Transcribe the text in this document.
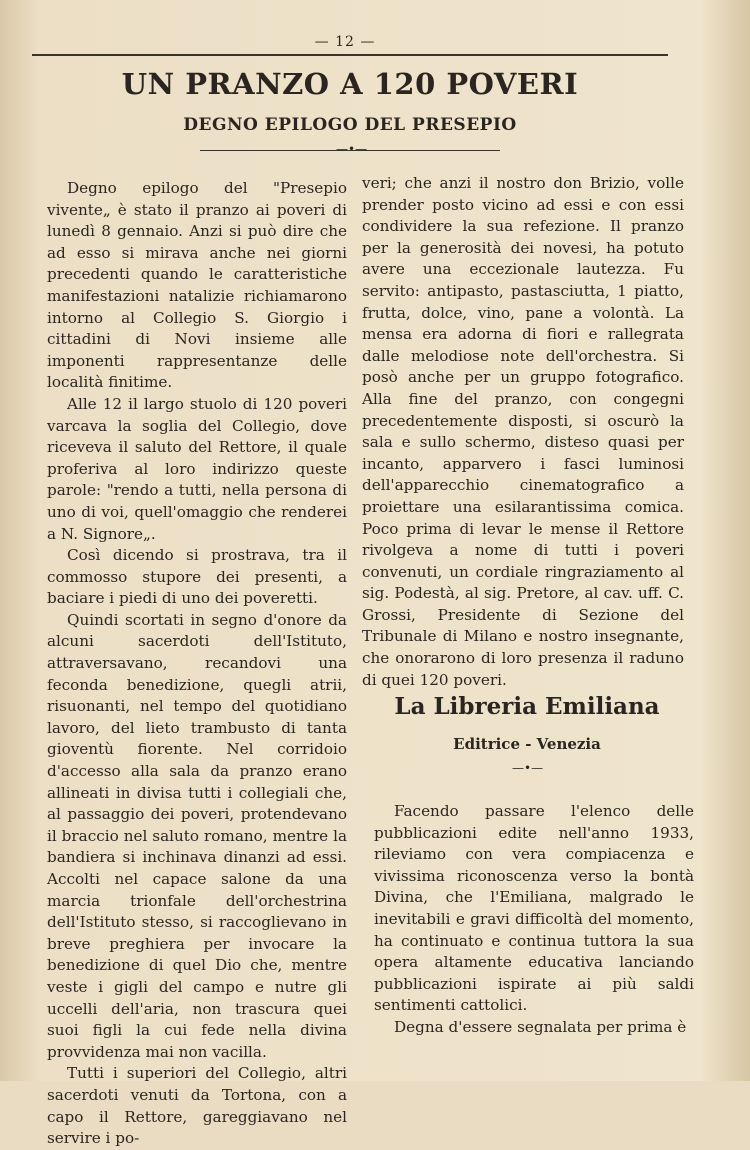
— 12 —
UN PRANZO A 120 POVERI
DEGNO EPILOGO DEL PRESEPIO
—•—

Degno epilogo del "Presepio vivente„ è stato il pranzo ai poveri di lunedì 8 gennaio. Anzi si può dire che ad esso si mirava anche nei giorni precedenti quando le caratteristiche manifestazioni natalizie richiamarono intorno al Collegio S. Giorgio i cittadini di Novi insieme alle imponenti rappresentanze delle località finitime.

Alle 12 il largo stuolo di 120 poveri varcava la soglia del Collegio, dove riceveva il saluto del Rettore, il quale proferiva al loro indirizzo queste parole: "rendo a tutti, nella persona di uno di voi, quell'omaggio che renderei a N. Signore„.

Così dicendo si prostrava, tra il commosso stupore dei presenti, a baciare i piedi di uno dei poveretti.

Quindi scortati in segno d'onore da alcuni sacerdoti dell'Istituto, attraversavano, recandovi una feconda benedizione, quegli atrii, risuonanti, nel tempo del quotidiano lavoro, del lieto trambusto di tanta gioventù fiorente. Nel corridoio d'accesso alla sala da pranzo erano allineati in divisa tutti i collegiali che, al passaggio dei poveri, protendevano il braccio nel saluto romano, mentre la bandiera si inchinava dinanzi ad essi. Accolti nel capace salone da una marcia trionfale dell'orchestrina dell'Istituto stesso, si raccoglievano in breve preghiera per invocare la benedizione di quel Dio che, mentre veste i gigli del campo e nutre gli uccelli dell'aria, non trascura quei suoi figli la cui fede nella divina provvidenza mai non vacilla.

Tutti i superiori del Collegio, altri sacerdoti venuti da Tortona, con a capo il Rettore, gareggiavano nel servire i po-

veri; che anzi il nostro don Brizio, volle prender posto vicino ad essi e con essi condividere la sua refezione. Il pranzo per la generosità dei novesi, ha potuto avere una eccezionale lautezza. Fu servito: antipasto, pastasciutta, 1 piatto, frutta, dolce, vino, pane a volontà. La mensa era adorna di fiori e rallegrata dalle melodiose note dell'orchestra. Si posò anche per un gruppo fotografico. Alla fine del pranzo, con congegni precedentemente disposti, si oscurò la sala e sullo schermo, disteso quasi per incanto, apparvero i fasci luminosi dell'apparecchio cinematografico a proiettare una esilarantissima comica. Poco prima di levar le mense il Rettore rivolgeva a nome di tutti i poveri convenuti, un cordiale ringraziamento al sig. Podestà, al sig. Pretore, al cav. uff. C. Grossi, Presidente di Sezione del Tribunale di Milano e nostro insegnante, che onorarono di loro presenza il raduno di quei 120 poveri.

La Libreria Emiliana
Editrice - Venezia
—•—

Facendo passare l'elenco delle pubblicazioni edite nell'anno 1933, rileviamo con vera compiacenza e vivissima riconoscenza verso la bontà Divina, che l'Emiliana, malgrado le inevitabili e gravi difficoltà del momento, ha continuato e continua tuttora la sua opera altamente educativa lanciando pubblicazioni ispirate ai più saldi sentimenti cattolici.

Degna d'essere segnalata per prima è
